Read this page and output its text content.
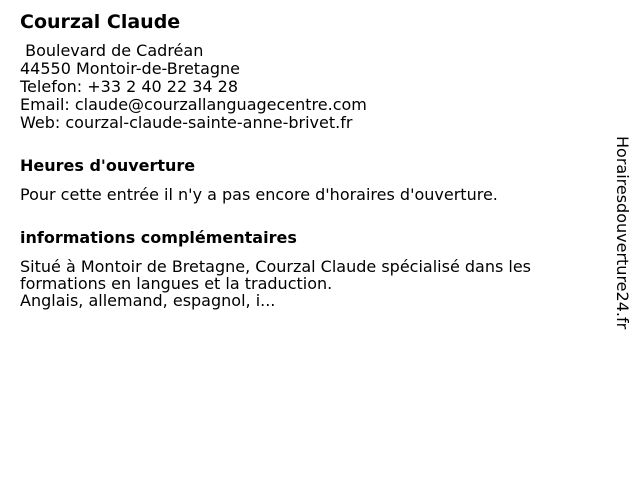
Courzal Claude
Boulevard de Cadréan
44550 Montoir-de-Bretagne
Telefon: +33 2 40 22 34 28
Email: claude@courzallanguagecentre.com
Web: courzal-claude-sainte-anne-brivet.fr
Heures d'ouverture
Pour cette entrée il n'y a pas encore d'horaires d'ouverture.
informations complémentaires
Situé à Montoir de Bretagne, Courzal Claude spécialisé dans les
formations en langues et la traduction.
Anglais, allemand, espagnol, i...	Horairesdouverture24.fr
